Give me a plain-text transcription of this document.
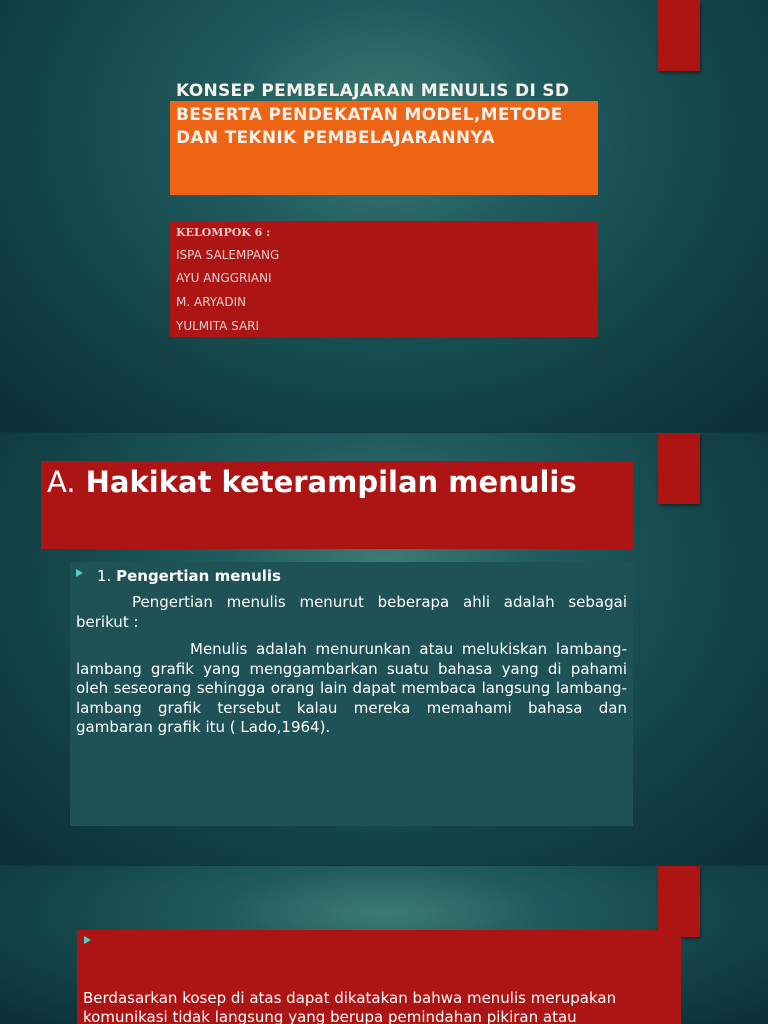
KONSEP PEMBELAJARAN MENULIS DI SD BESERTA PENDEKATAN MODEL,METODE DAN TEKNIK PEMBELAJARANNYA

KELOMPOK 6 :

ISPA SALEMPANG

AYU ANGGRIANI

M. ARYADIN

YULMITA SARI

A. Hakikat keterampilan menulis

1. Pengertian menulis

Pengertian menulis menurut beberapa ahli adalah sebagai berikut :

Menulis adalah menurunkan atau melukiskan lambang-lambang grafik yang menggambarkan suatu bahasa yang di pahami oleh seseorang sehingga orang lain dapat membaca langsung lambang- lambang grafik tersebut kalau mereka memahami bahasa dan gambaran grafik itu ( Lado,1964).

Berdasarkan kosep di atas dapat dikatakan bahwa menulis merupakan komunikasi tidak langsung yang berupa pemindahan pikiran atau
